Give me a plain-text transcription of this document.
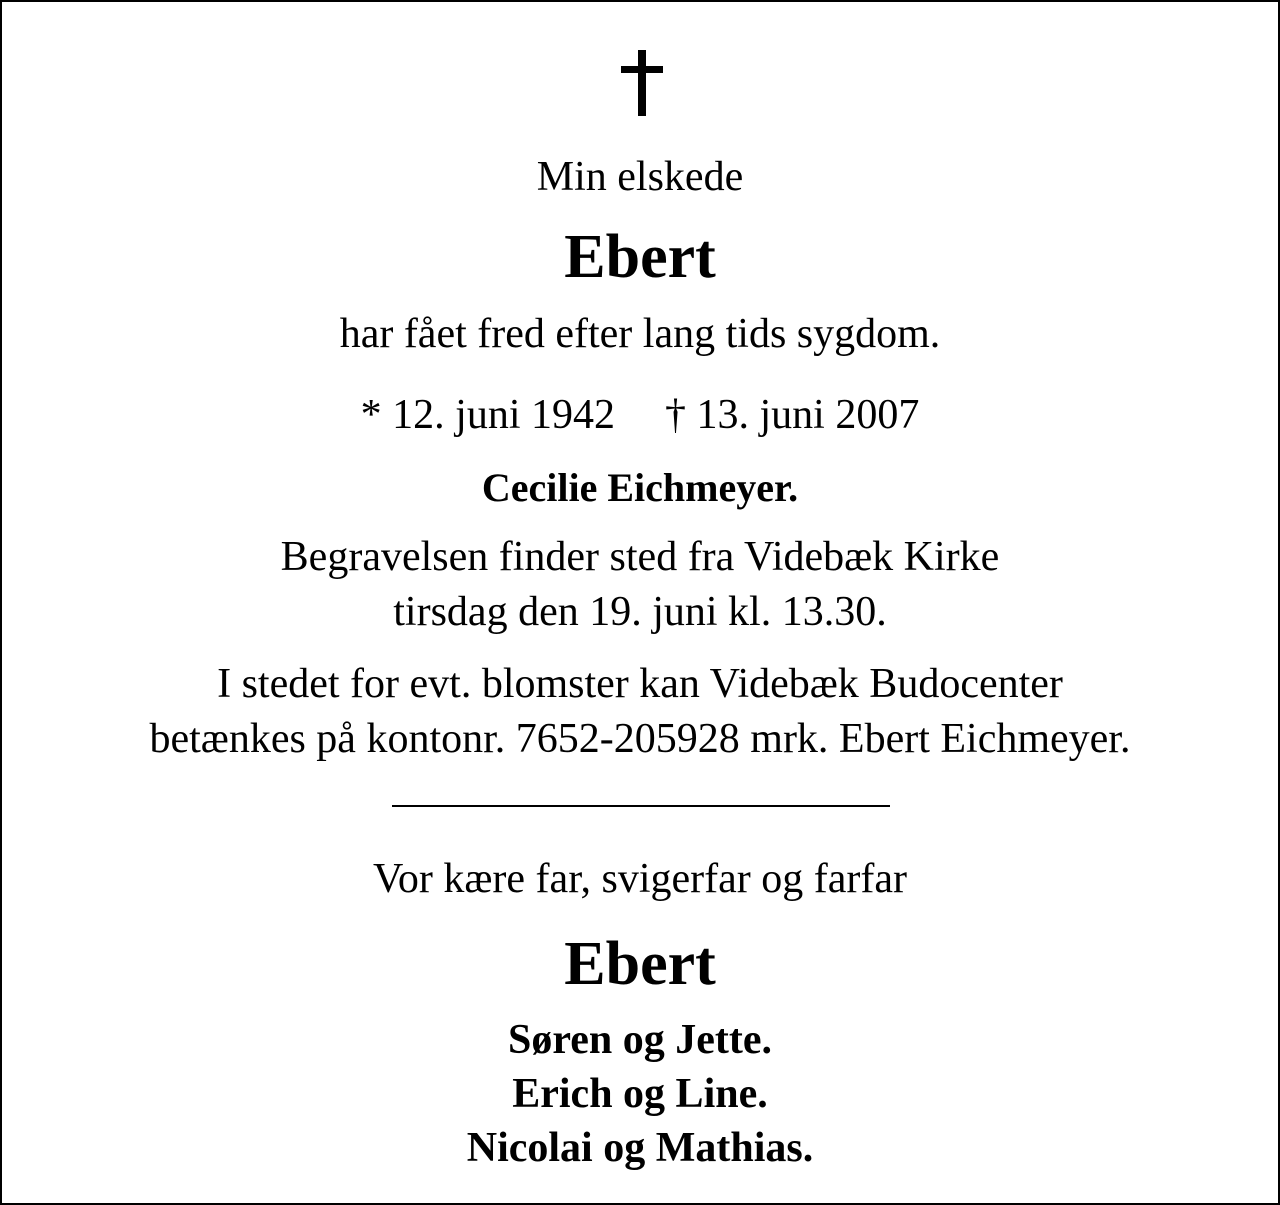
Min elskede
Ebert
har fået fred efter lang tids sygdom.
* 12. juni 1942 † 13. juni 2007
Cecilie Eichmeyer.
Begravelsen finder sted fra Videbæk Kirke
tirsdag den 19. juni kl. 13.30.
I stedet for evt. blomster kan Videbæk Budocenter
betænkes på kontonr. 7652-205928 mrk. Ebert Eichmeyer.
Vor kære far, svigerfar og farfar
Ebert
Søren og Jette.
Erich og Line.
Nicolai og Mathias.
